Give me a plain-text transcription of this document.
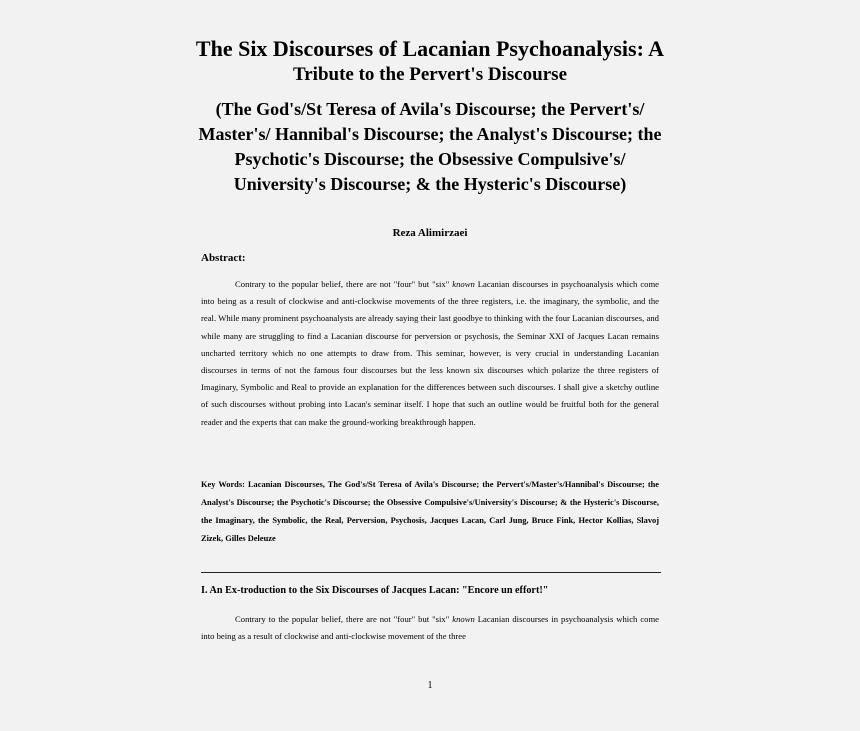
The Six Discourses of Lacanian Psychoanalysis: A
Tribute to the Pervert's Discourse
(The God's/St Teresa of Avila's Discourse; the Pervert's/
Master's/ Hannibal's Discourse; the Analyst's Discourse; the
Psychotic's Discourse; the Obsessive Compulsive's/
University's Discourse; & the Hysteric's Discourse)
Reza Alimirzaei
Abstract:
Contrary to the popular belief, there are not "four" but "six" known Lacanian discourses in psychoanalysis which come into being as a result of clockwise and anti-clockwise movements of the three registers, i.e. the imaginary, the symbolic, and the real. While many prominent psychoanalysts are already saying their last goodbye to thinking with the four Lacanian discourses, and while many are struggling to find a Lacanian discourse for perversion or psychosis, the Seminar XXI of Jacques Lacan remains uncharted territory which no one attempts to draw from. This seminar, however, is very crucial in understanding Lacanian discourses in terms of not the famous four discourses but the less known six discourses which polarize the three registers of Imaginary, Symbolic and Real to provide an explanation for the differences between such discourses. I shall give a sketchy outline of such discourses without probing into Lacan's seminar itself. I hope that such an outline would be fruitful both for the general reader and the experts that can make the ground-working breakthrough happen.
Key Words: Lacanian Discourses, The God's/St Teresa of Avila's Discourse; the Pervert's/Master's/Hannibal's Discourse; the Analyst's Discourse; the Psychotic's Discourse; the Obsessive Compulsive's/University's Discourse; & the Hysteric's Discourse, the Imaginary, the Symbolic, the Real, Perversion, Psychosis, Jacques Lacan, Carl Jung, Bruce Fink, Hector Kollias, Slavoj Zizek, Gilles Deleuze
I. An Ex-troduction to the Six Discourses of Jacques Lacan: "Encore un effort!"
Contrary to the popular belief, there are not "four" but "six" known Lacanian discourses in psychoanalysis which come into being as a result of clockwise and anti-clockwise movement of the three
1
